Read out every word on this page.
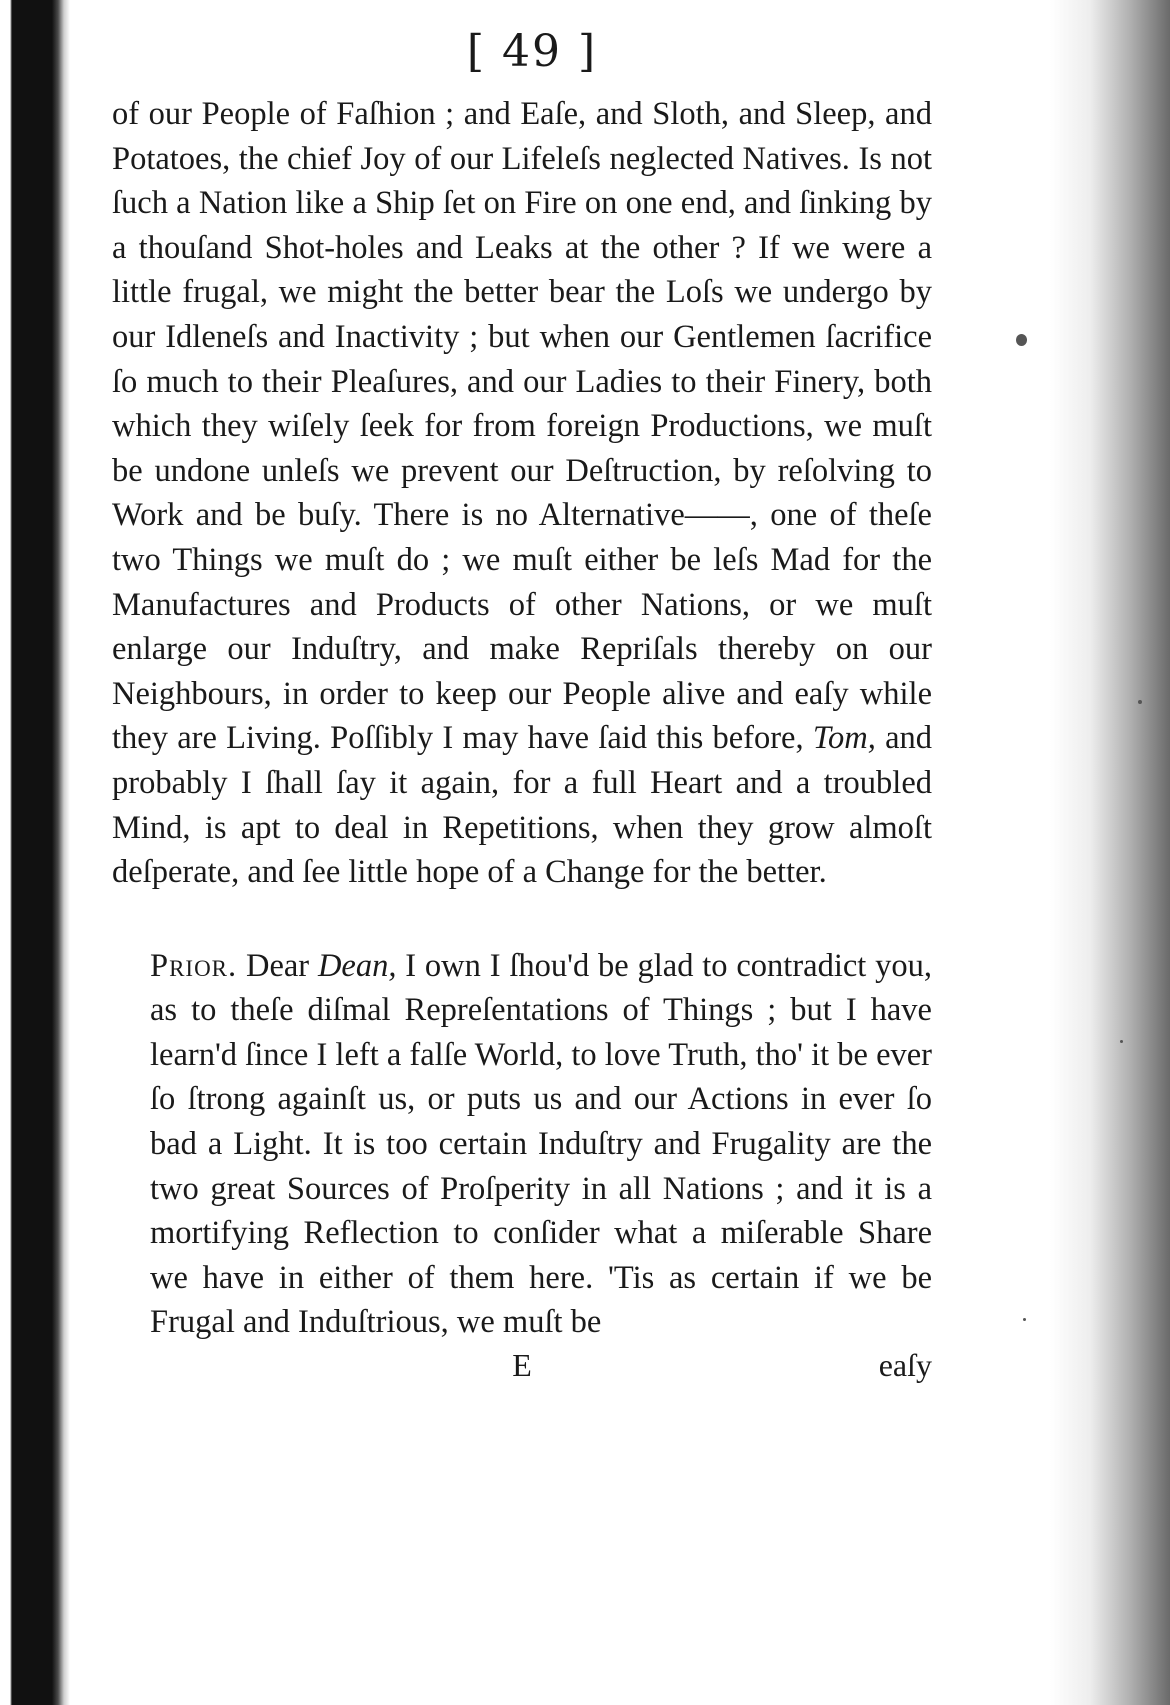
[ 49 ]

of our People of Faſhion ; and Eaſe, and Sloth, and Sleep, and Potatoes, the chief Joy of our Lifeleſs neglected Natives. Is not ſuch a Nation like a Ship ſet on Fire on one end, and ſinking by a thouſand Shot-holes and Leaks at the other ? If we were a little frugal, we might the better bear the Loſs we undergo by our Idleneſs and Inactivity ; but when our Gentlemen ſacrifice ſo much to their Pleaſures, and our Ladies to their Finery, both which they wiſely ſeek for from foreign Productions, we muſt be undone unleſs we prevent our Deſtruction, by reſolving to Work and be buſy. There is no Alternative——, one of theſe two Things we muſt do ; we muſt either be leſs Mad for the Manufactures and Products of other Nations, or we muſt enlarge our Induſtry, and make Repriſals thereby on our Neighbours, in order to keep our People alive and eaſy while they are Living. Poſſibly I may have ſaid this before, Tom, and probably I ſhall ſay it again, for a full Heart and a troubled Mind, is apt to deal in Repetitions, when they grow almoſt deſperate, and ſee little hope of a Change for the better.

Prior. Dear Dean, I own I ſhou'd be glad to contradict you, as to theſe diſmal Repreſentations of Things ; but I have learn'd ſince I left a falſe World, to love Truth, tho' it be ever ſo ſtrong againſt us, or puts us and our Actions in ever ſo bad a Light. It is too certain Induſtry and Frugality are the two great Sources of Proſperity in all Nations ; and it is a mortifying Reflection to conſider what a miſerable Share we have in either of them here. 'Tis as certain if we be Frugal and Induſtrious, we muſt be

E	eaſy
